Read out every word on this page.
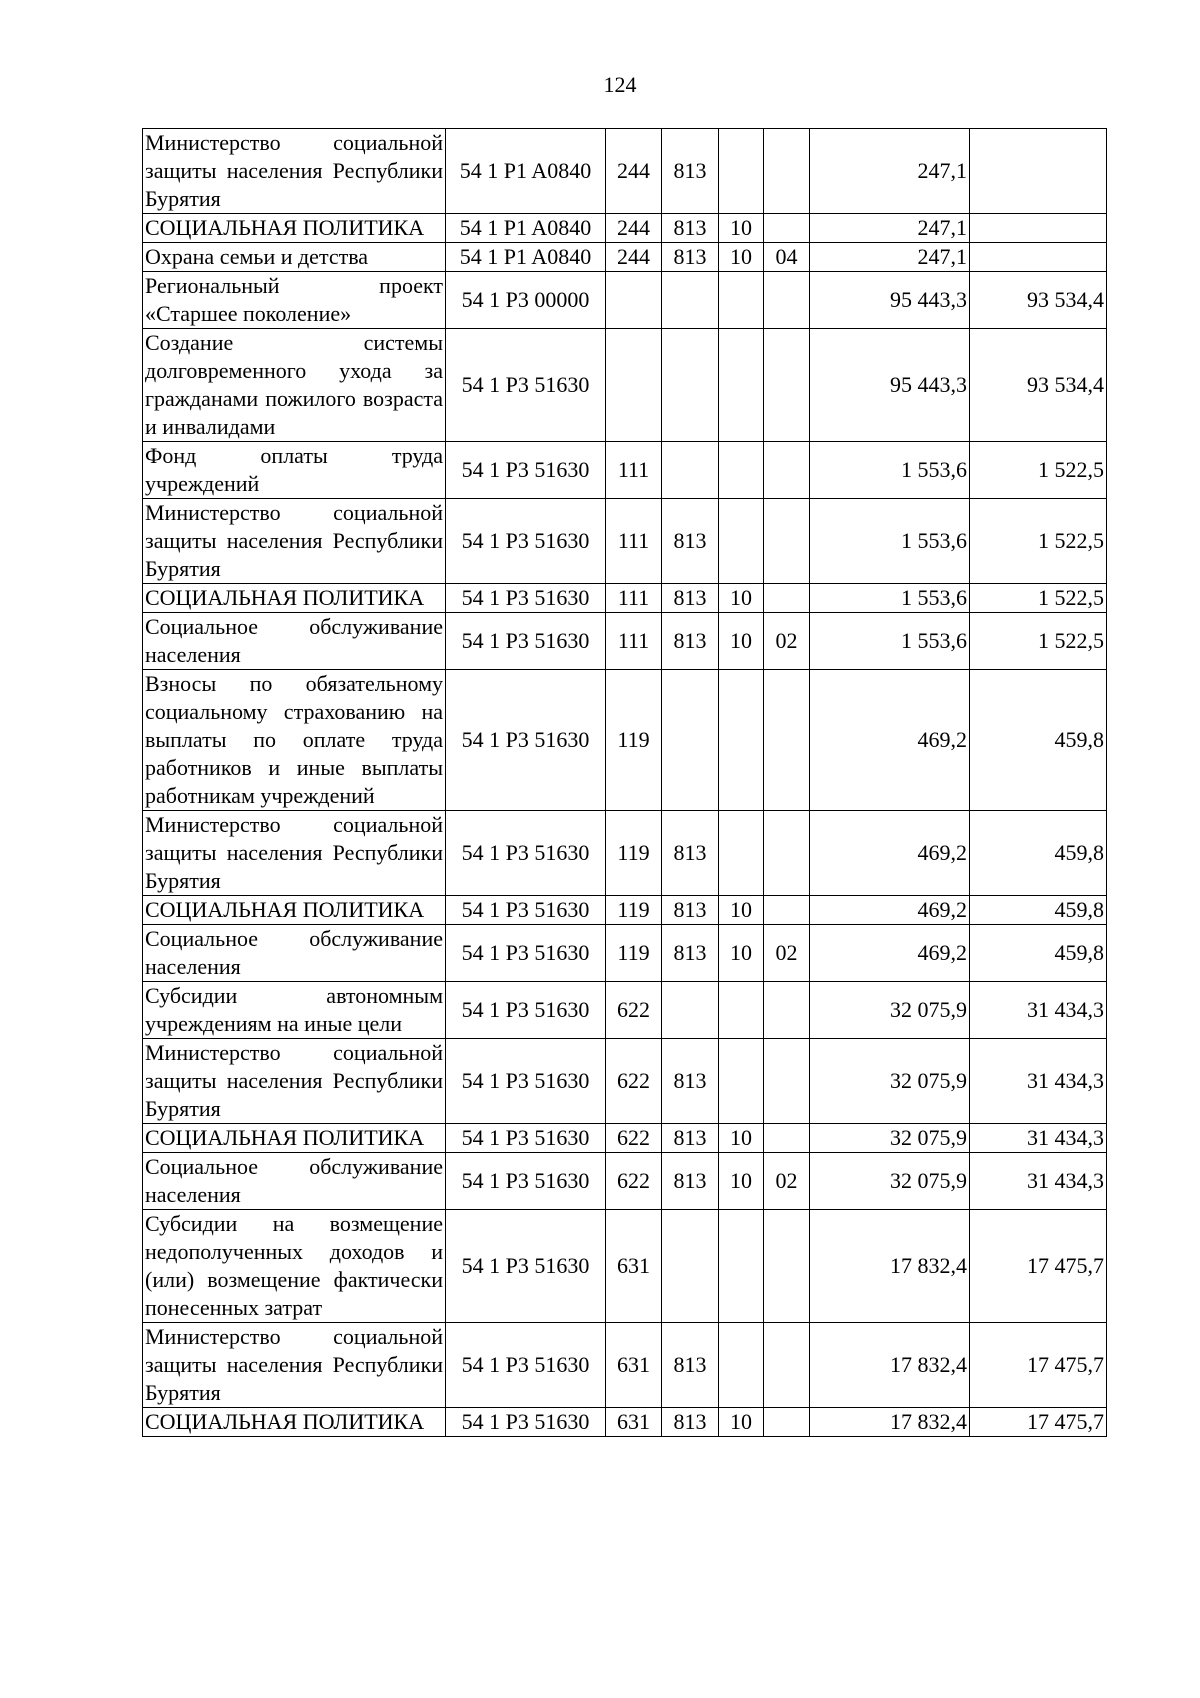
124
Министерство социальной защиты населения Республики Бурятия	54 1 P1 A0840	244	813			247,1	
СОЦИАЛЬНАЯ ПОЛИТИКА	54 1 P1 A0840	244	813	10		247,1	
Охрана семьи и детства	54 1 P1 A0840	244	813	10	04	247,1	
Региональный проект «Старшее поколение»	54 1 P3 00000					95 443,3	93 534,4
Создание системы долговременного ухода за гражданами пожилого возраста и инвалидами	54 1 P3 51630					95 443,3	93 534,4
Фонд оплаты труда учреждений	54 1 P3 51630	111				1 553,6	1 522,5
Министерство социальной защиты населения Республики Бурятия	54 1 P3 51630	111	813			1 553,6	1 522,5
СОЦИАЛЬНАЯ ПОЛИТИКА	54 1 P3 51630	111	813	10		1 553,6	1 522,5
Социальное обслуживание населения	54 1 P3 51630	111	813	10	02	1 553,6	1 522,5
Взносы по обязательному социальному страхованию на выплаты по оплате труда работников и иные выплаты работникам учреждений	54 1 P3 51630	119				469,2	459,8
Министерство социальной защиты населения Республики Бурятия	54 1 P3 51630	119	813			469,2	459,8
СОЦИАЛЬНАЯ ПОЛИТИКА	54 1 P3 51630	119	813	10		469,2	459,8
Социальное обслуживание населения	54 1 P3 51630	119	813	10	02	469,2	459,8
Субсидии автономным учреждениям на иные цели	54 1 P3 51630	622				32 075,9	31 434,3
Министерство социальной защиты населения Республики Бурятия	54 1 P3 51630	622	813			32 075,9	31 434,3
СОЦИАЛЬНАЯ ПОЛИТИКА	54 1 P3 51630	622	813	10		32 075,9	31 434,3
Социальное обслуживание населения	54 1 P3 51630	622	813	10	02	32 075,9	31 434,3
Субсидии на возмещение недополученных доходов и (или) возмещение фактически понесенных затрат	54 1 P3 51630	631				17 832,4	17 475,7
Министерство социальной защиты населения Республики Бурятия	54 1 P3 51630	631	813			17 832,4	17 475,7
СОЦИАЛЬНАЯ ПОЛИТИКА	54 1 P3 51630	631	813	10		17 832,4	17 475,7
